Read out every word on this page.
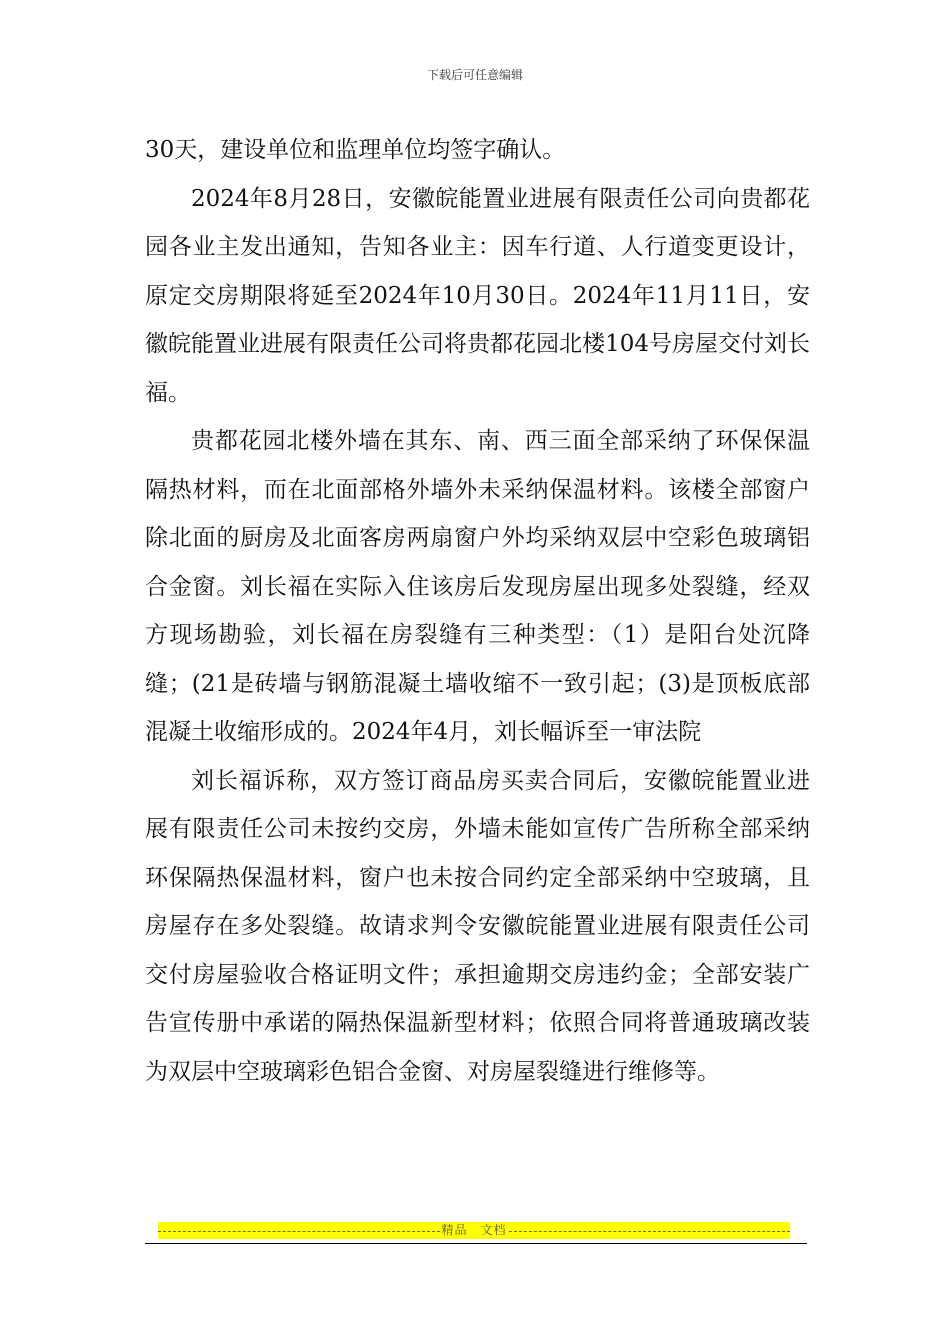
下载后可任意编辑

30天，建设单位和监理单位均签字确认。

2024年8月28日，安徽皖能置业进展有限责任公司向贵都花园各业主发出通知，告知各业主：因车行道、人行道变更设计，原定交房期限将延至2024年10月30日。2024年11月11日，安徽皖能置业进展有限责任公司将贵都花园北楼104号房屋交付刘长福。

贵都花园北楼外墙在其东、南、西三面全部采纳了环保保温隔热材料，而在北面部格外墙外未采纳保温材料。该楼全部窗户除北面的厨房及北面客房两扇窗户外均采纳双层中空彩色玻璃铝合金窗。刘长福在实际入住该房后发现房屋出现多处裂缝，经双方现场勘验，刘长福在房裂缝有三种类型：（1）是阳台处沉降缝；(21是砖墙与钢筋混凝土墙收缩不一致引起；(3)是顶板底部混凝土收缩形成的。2024年4月，刘长幅诉至一审法院

刘长福诉称，双方签订商品房买卖合同后，安徽皖能置业进展有限责任公司未按约交房，外墙未能如宣传广告所称全部采纳环保隔热保温材料，窗户也未按合同约定全部采纳中空玻璃，且房屋存在多处裂缝。故请求判令安徽皖能置业进展有限责任公司交付房屋验收合格证明文件；承担逾期交房违约金；全部安装广告宣传册中承诺的隔热保温新型材料；依照合同将普通玻璃改装为双层中空玻璃彩色铝合金窗、对房屋裂缝进行维修等。

精品　文档
